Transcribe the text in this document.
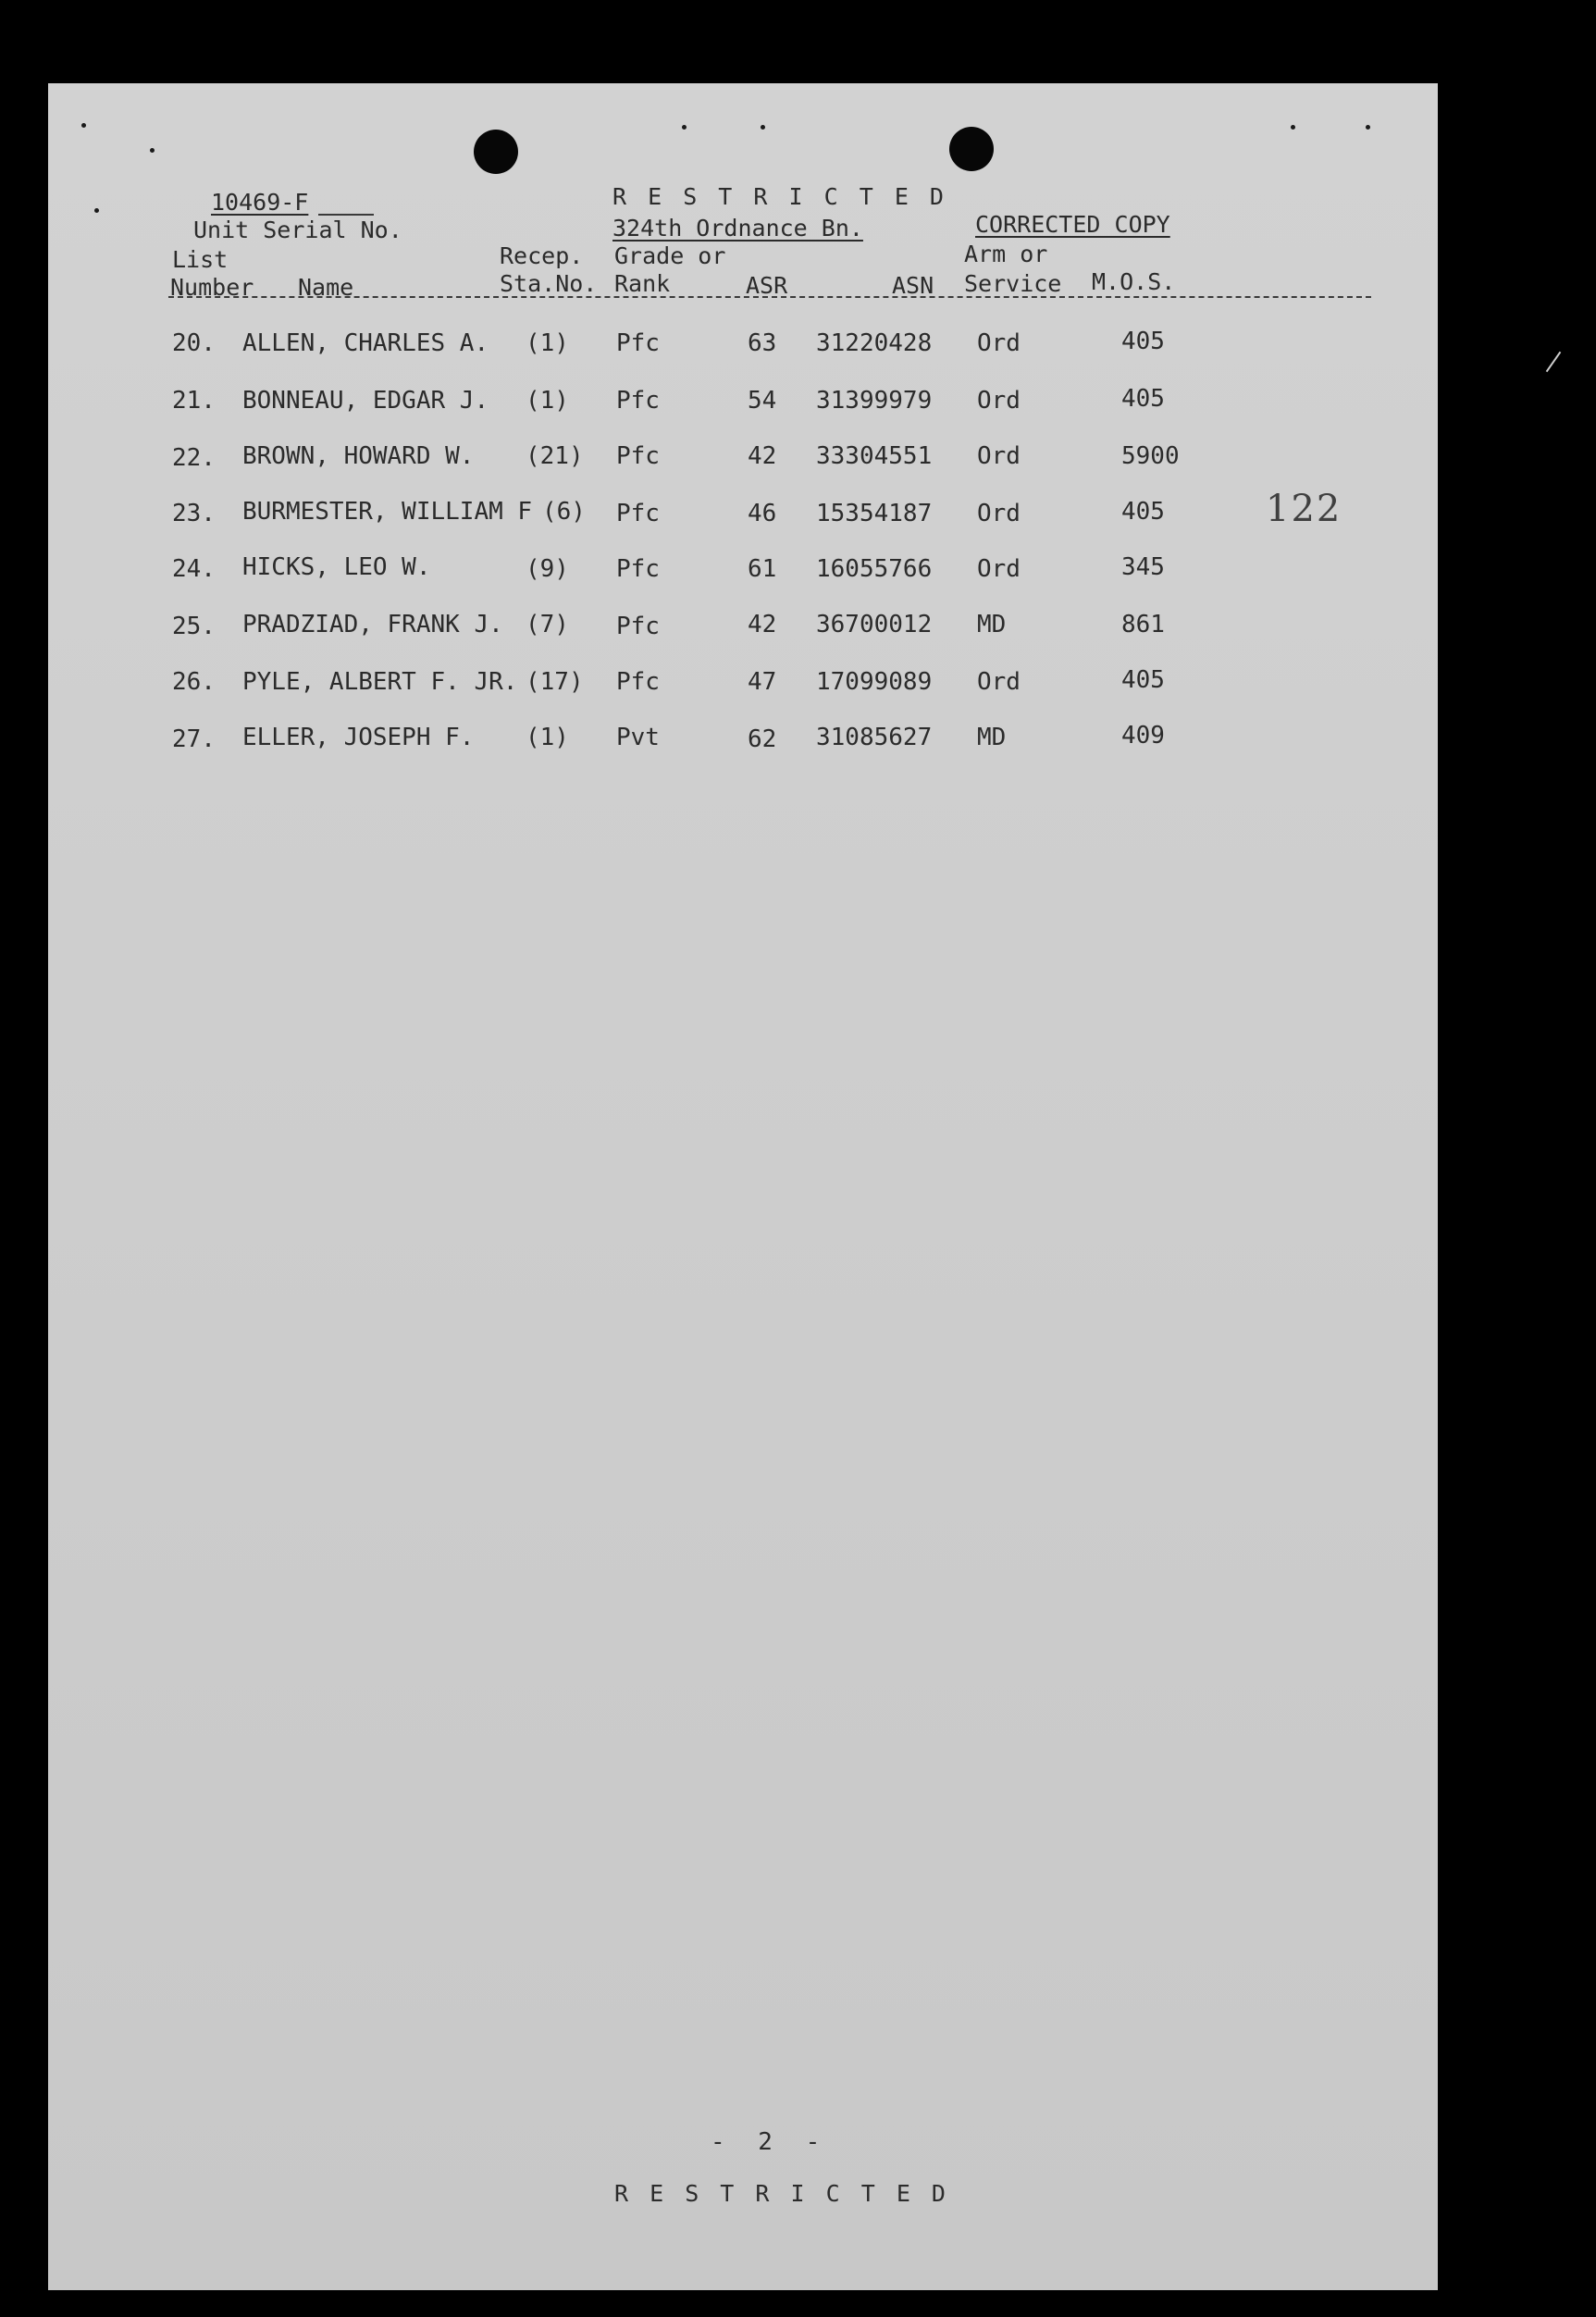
10469-F
Unit Serial No.
R E S T R I C T E D
324th Ordnance Bn.	CORRECTED COPY
List
Number Name
Recep.
Sta.No.
Grade or
Rank	ASR	ASN
Arm or
Service M.O.S.
20. ALLEN, CHARLES A. (1) Pfc	63 31220428 Ord	405
21. BONNEAU, EDGAR J. (1) Pfc	54 31399979 Ord	405
22. BROWN, HOWARD W. (21) Pfc	42 33304551 Ord	5900
23. BURMESTER, WILLIAM F (6) Pfc	46 15354187 Ord	405
24. HICKS, LEO W.	(9) Pfc	61 16055766 Ord	345
25. PRADZIAD, FRANK J. (7) Pfc	42 36700012 MD	861
26. PYLE, ALBERT F. JR. (17) Pfc	47 17099089 Ord	405
27. ELLER, JOSEPH F. (1) Pvt	62 31085627 MD	409
122
- 2 -
R E S T R I C T E D
